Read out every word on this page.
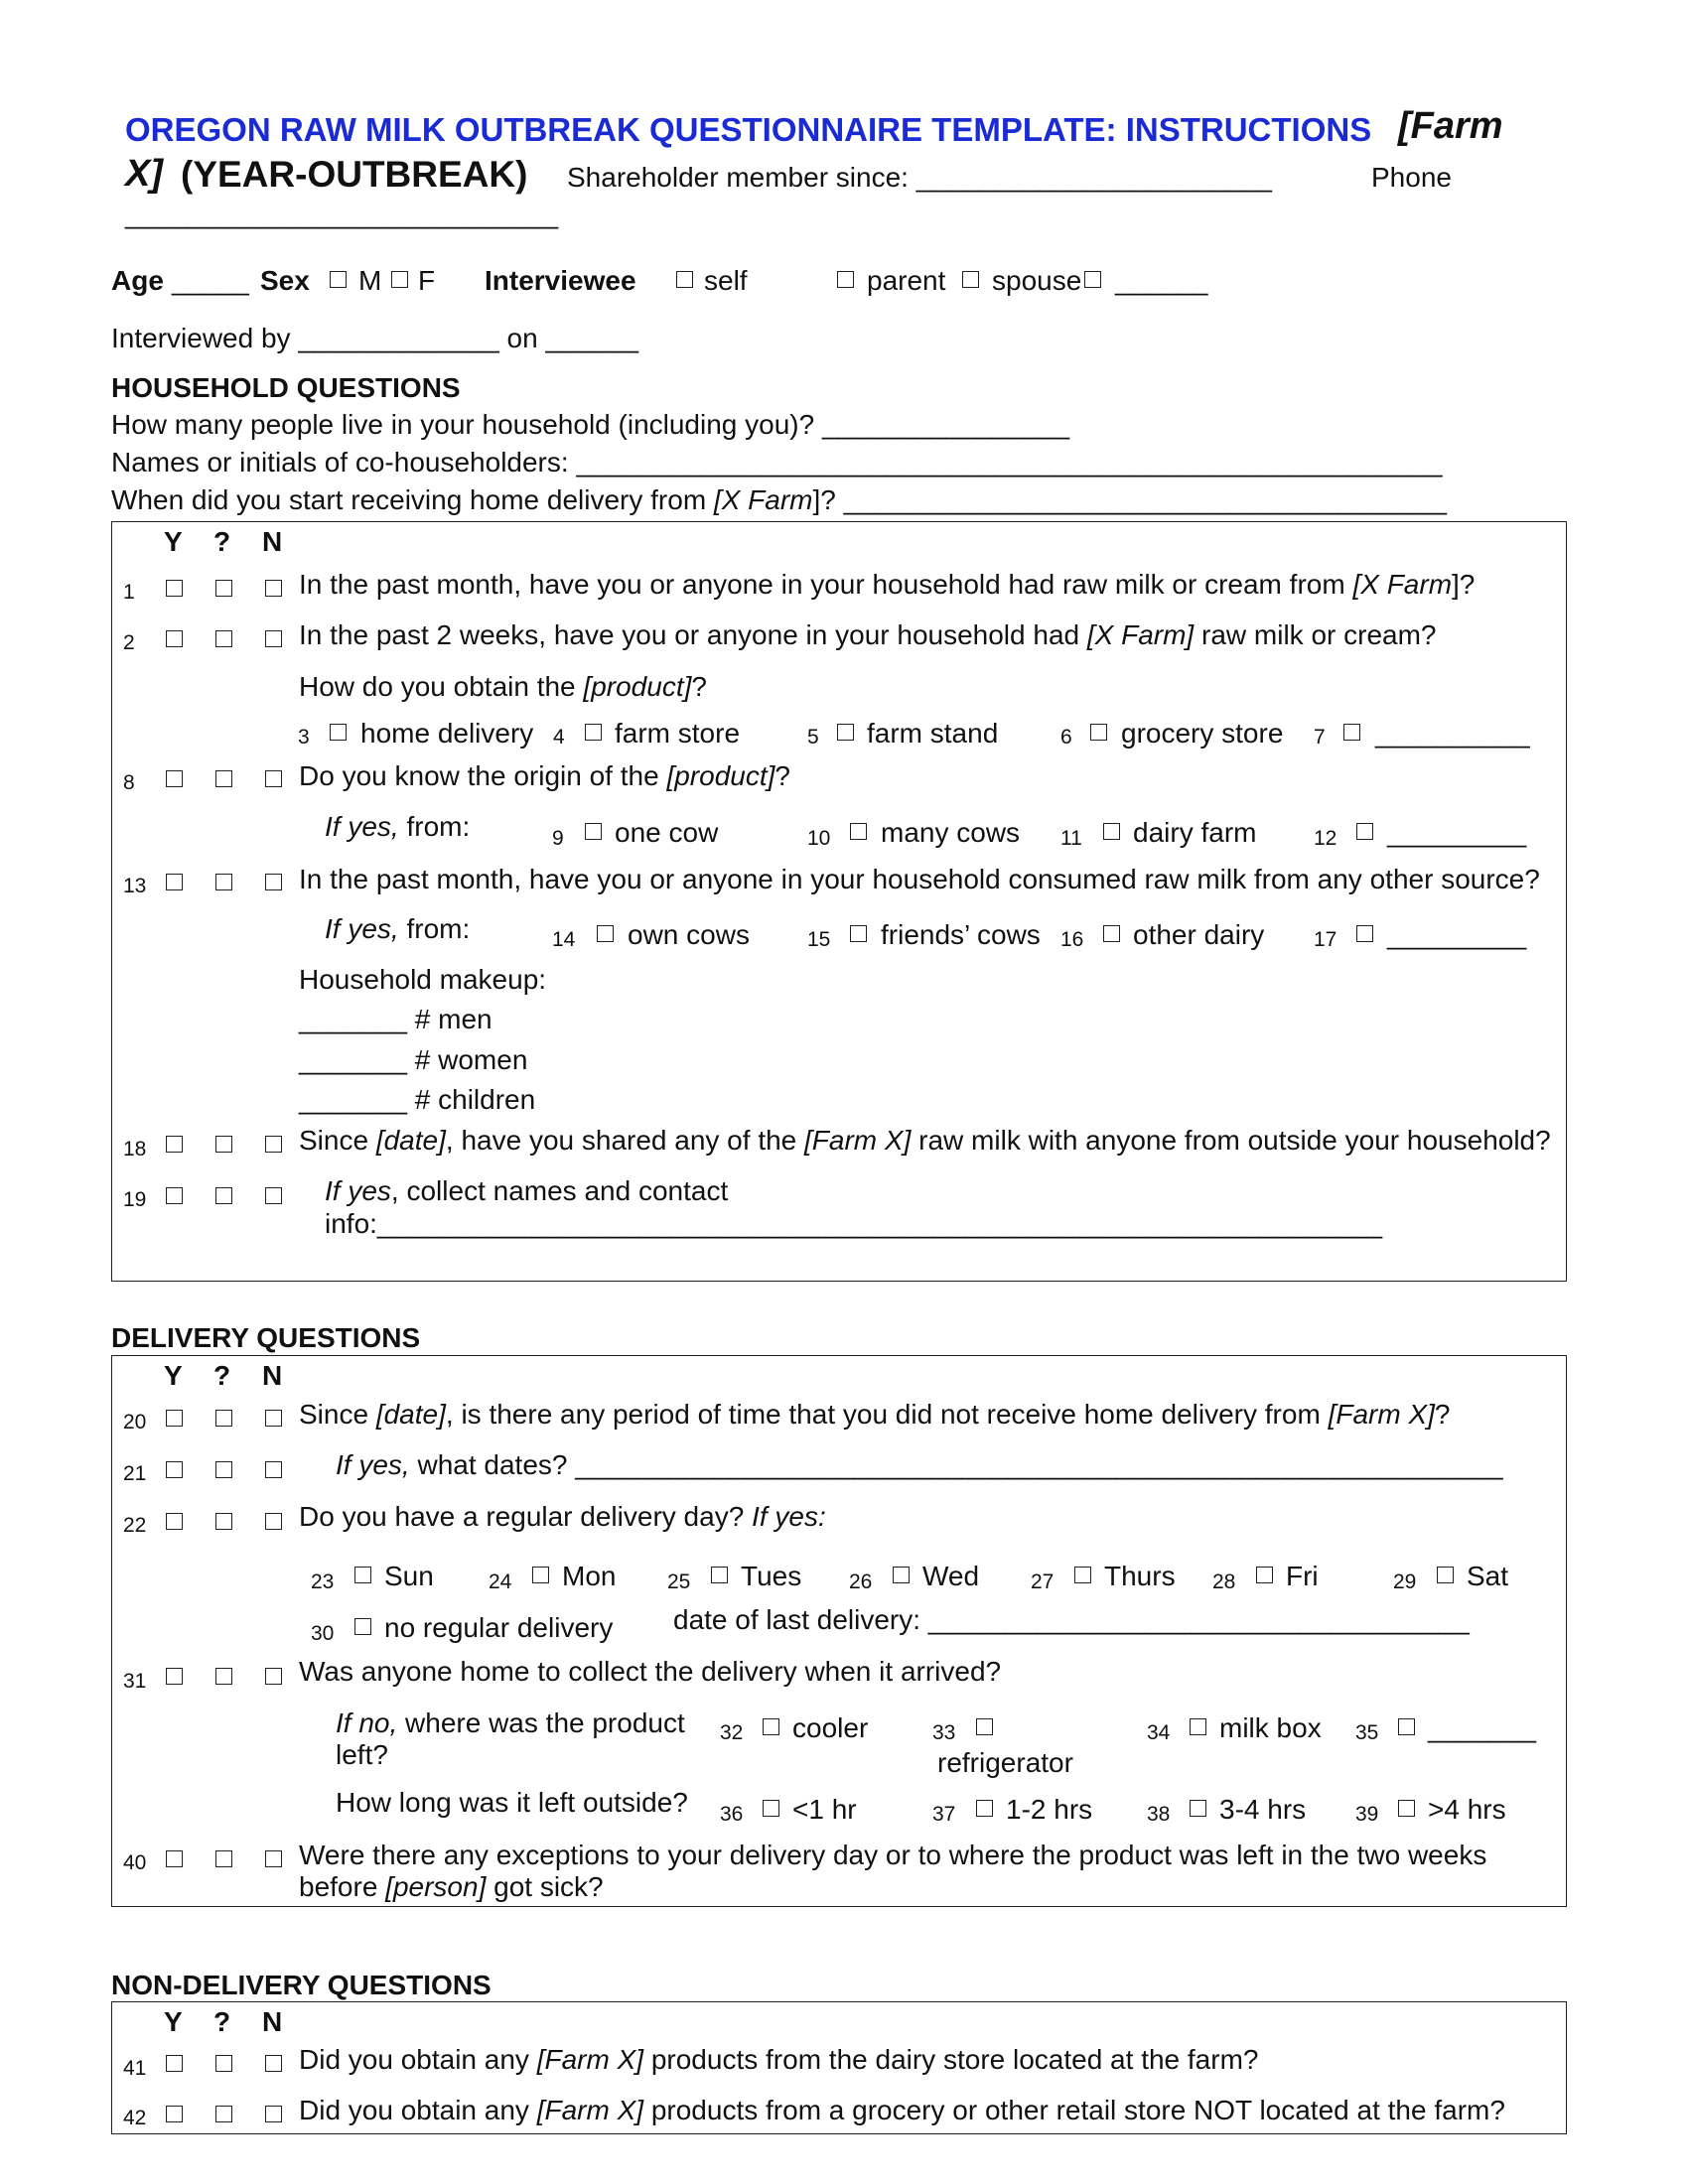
OREGON RAW MILK OUTBREAK QUESTIONNAIRE TEMPLATE: INSTRUCTIONS [Farm
X] (YEAR-OUTBREAK) Shareholder member since: _______________________	Phone
____________________________
Age _____ Sex M F Interviewee self	parent spouse ______
Interviewed by _____________ on ______
HOUSEHOLD QUESTIONS
How many people live in your household (including you)? ________________
Names or initials of co-householders: ________________________________________________________
When did you start receiving home delivery from [X Farm]? _______________________________________
Y ? N
1	In the past month, have you or anyone in your household had raw milk or cream from [X Farm]?
2	In the past 2 weeks, have you or anyone in your household had [X Farm] raw milk or cream?
How do you obtain the [product]?
3 home delivery 4 farm store	5 farm stand	6 grocery store 7 __________
8	Do you know the origin of the [product]?
If yes, from:	9 one cow	10 many cows 11 dairy farm	12 _________
13	In the past month, have you or anyone in your household consumed raw milk from any other source?
If yes, from:	14 own cows	15 friends’ cows 16 other dairy 17 _________
Household makeup:
_______ # men
_______ # women
_______ # children
18	Since [date], have you shared any of the [Farm X] raw milk with anyone from outside your household?
19	If yes, collect names and contact
info:_________________________________________________________________
DELIVERY QUESTIONS
Y ? N
20	Since [date], is there any period of time that you did not receive home delivery from [Farm X]?
21	If yes, what dates? ____________________________________________________________
22	Do you have a regular delivery day? If yes:
23 Sun	24 Mon 25 Tues 26 Wed 27 Thurs 28 Fri	29 Sat
30 no regular delivery date of last delivery: ___________________________________
31	Was anyone home to collect the delivery when it arrived?
If no, where was the product
left?
32 cooler	33
refrigerator
34 milk box 35 _______
How long was it left outside? 36 <1 hr	37 1-2 hrs	38 3-4 hrs 39 >4 hrs
40	Were there any exceptions to your delivery day or to where the product was left in the two weeks
before [person] got sick?
NON-DELIVERY QUESTIONS
Y ? N
41	Did you obtain any [Farm X] products from the dairy store located at the farm?
42	Did you obtain any [Farm X] products from a grocery or other retail store NOT located at the farm?
